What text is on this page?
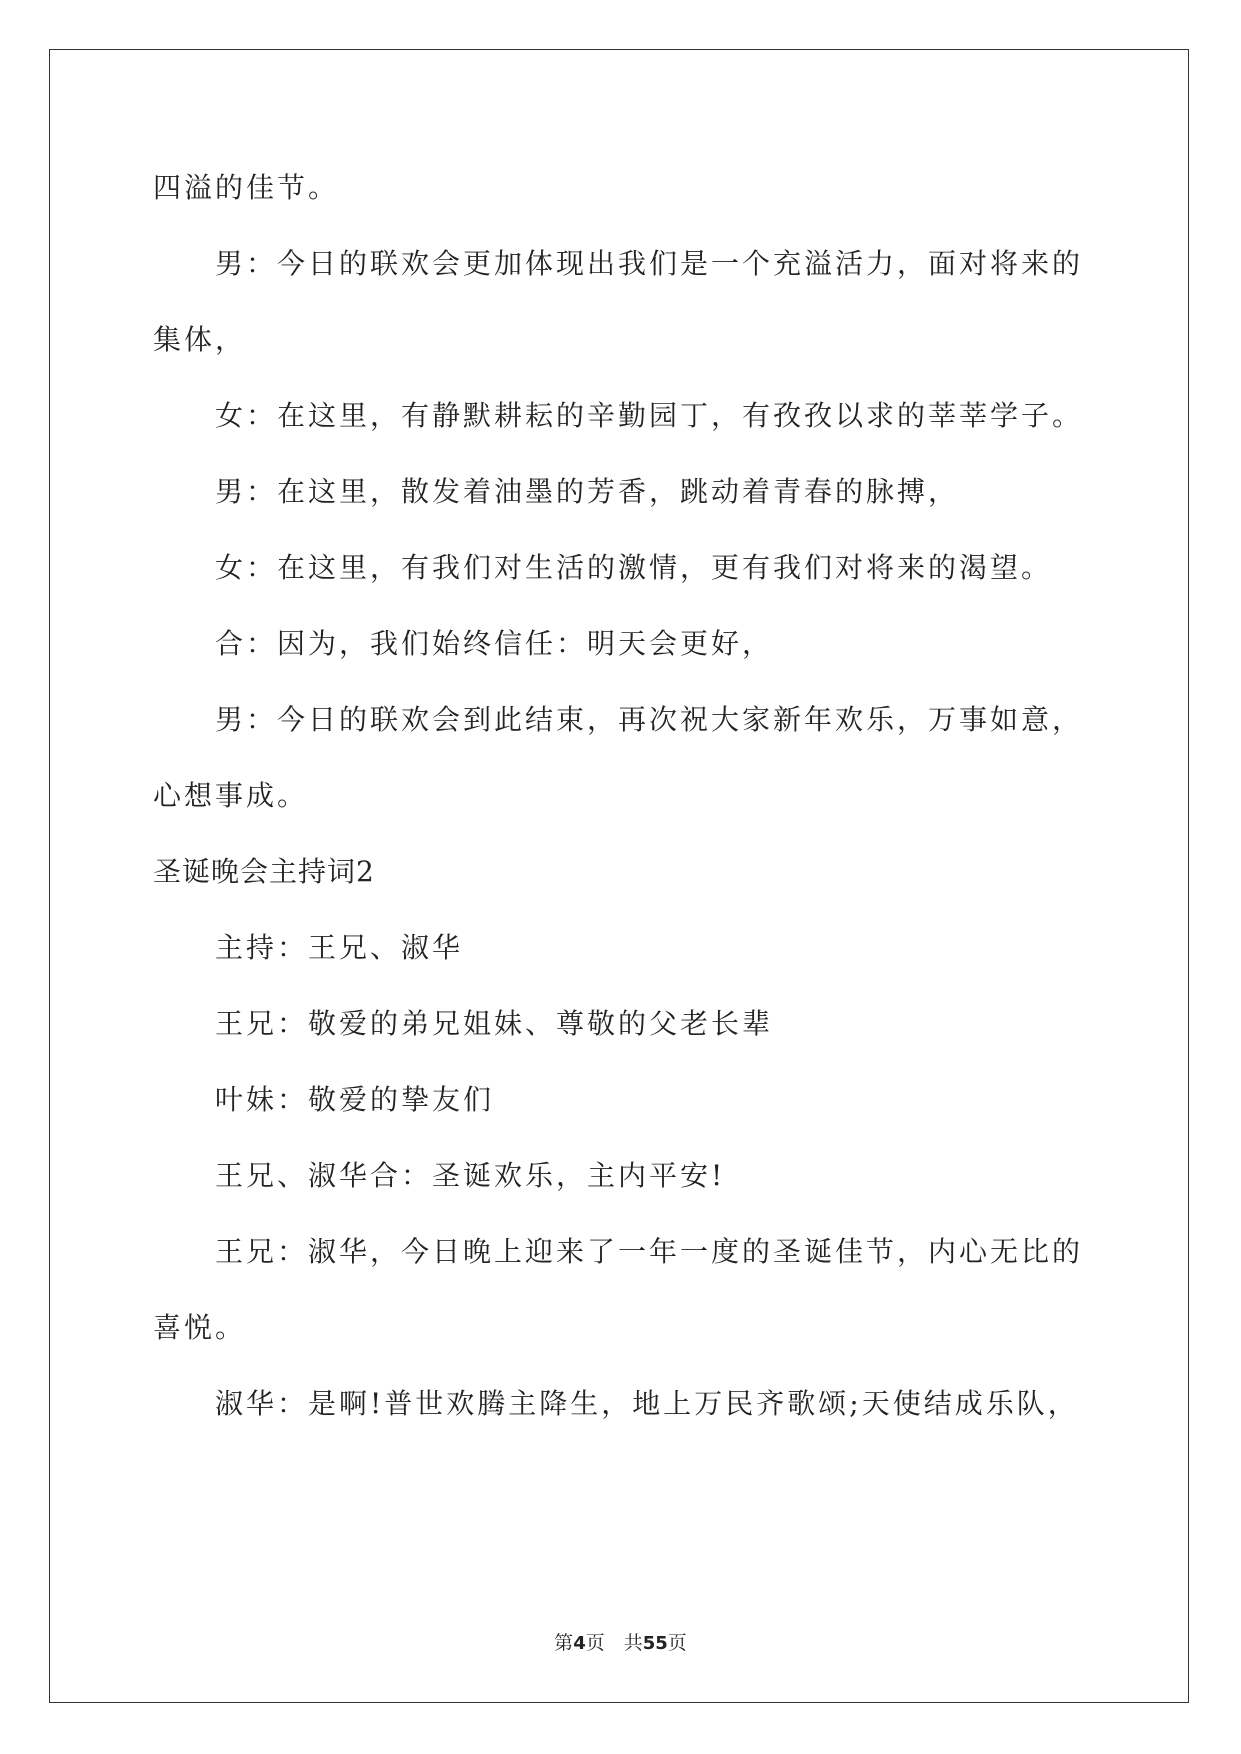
四溢的佳节。
男：今日的联欢会更加体现出我们是一个充溢活力，面对将来的
集体，
女：在这里，有静默耕耘的辛勤园丁，有孜孜以求的莘莘学子。
男：在这里，散发着油墨的芳香，跳动着青春的脉搏，
女：在这里，有我们对生活的激情，更有我们对将来的渴望。
合：因为，我们始终信任：明天会更好，
男：今日的联欢会到此结束，再次祝大家新年欢乐，万事如意，
心想事成。
圣诞晚会主持词2
主持：王兄、淑华
王兄：敬爱的弟兄姐妹、尊敬的父老长辈
叶妹：敬爱的挚友们
王兄、淑华合：圣诞欢乐，主内平安!
王兄：淑华，今日晚上迎来了一年一度的圣诞佳节，内心无比的
喜悦。
淑华：是啊!普世欢腾主降生，地上万民齐歌颂;天使结成乐队，
第4页　共55页
